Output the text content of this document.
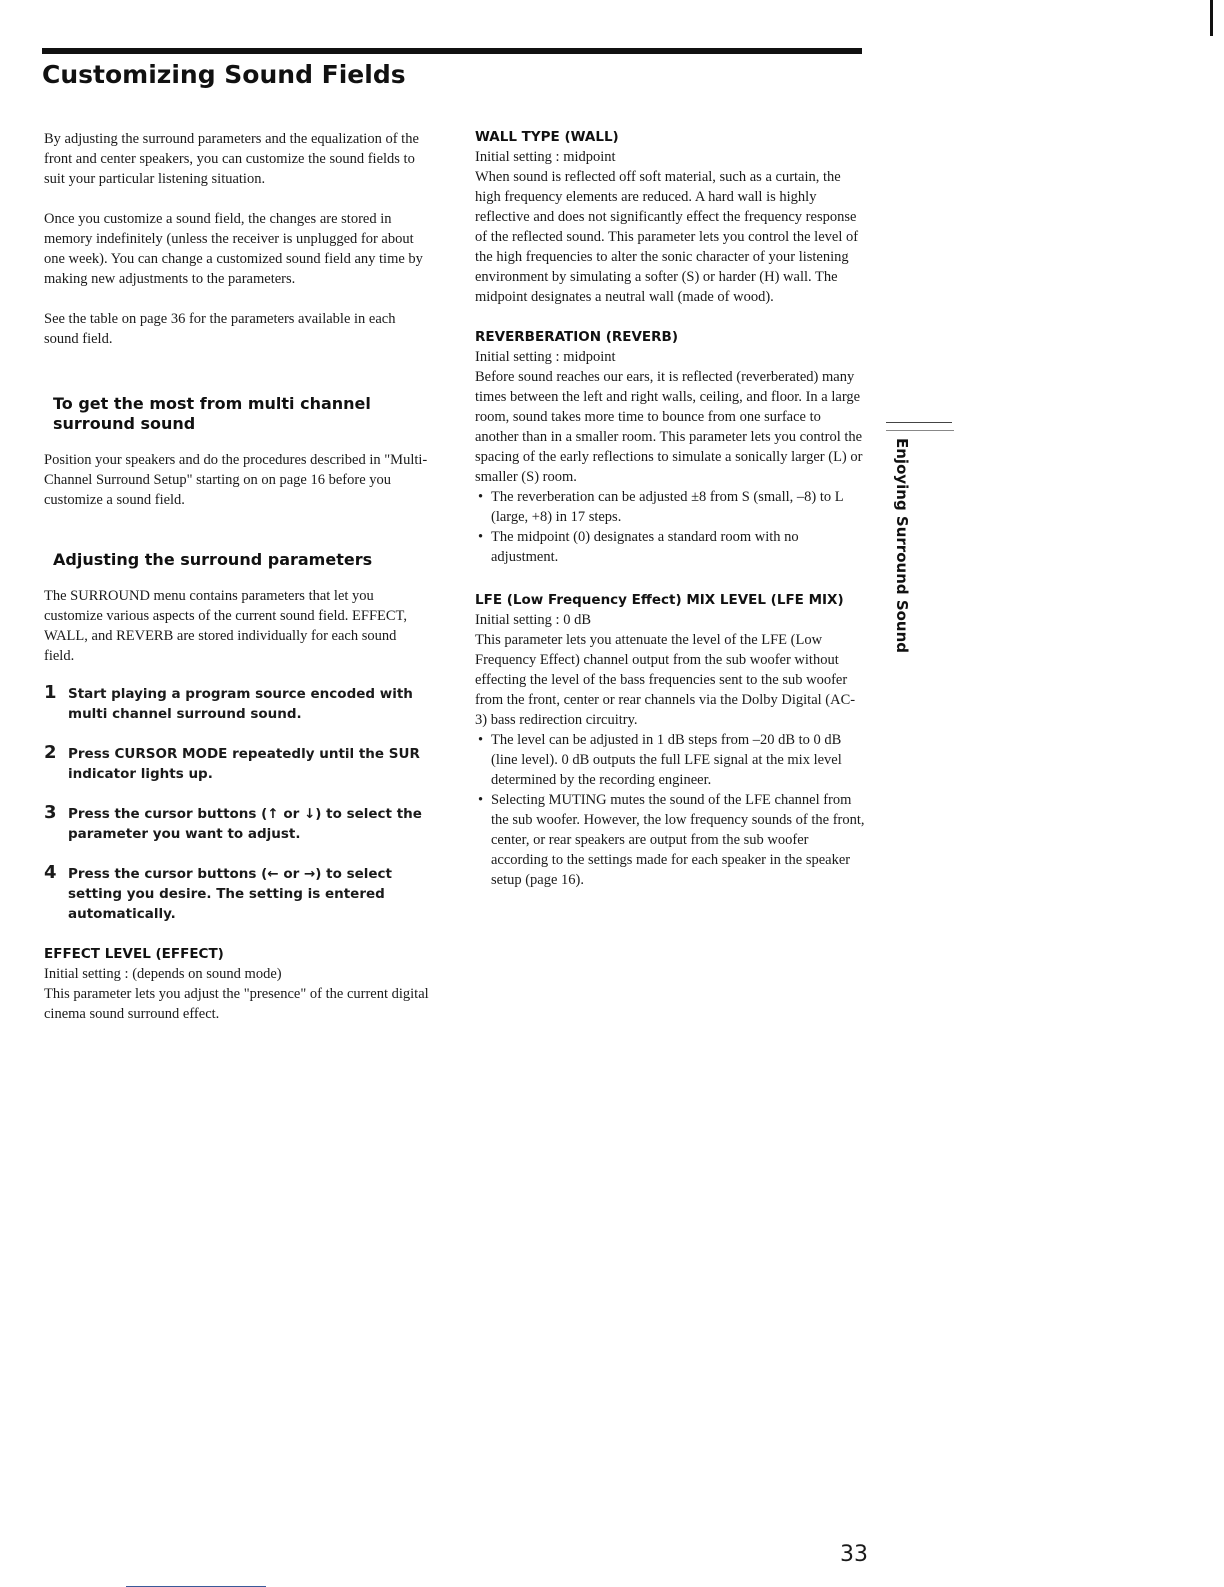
Customizing Sound Fields

By adjusting the surround parameters and the equalization of the front and center speakers, you can customize the sound fields to suit your particular listening situation.

Once you customize a sound field, the changes are stored in memory indefinitely (unless the receiver is unplugged for about one week). You can change a customized sound field any time by making new adjustments to the parameters.

See the table on page 36 for the parameters available in each sound field.

To get the most from multi channel surround sound

Position your speakers and do the procedures described in "Multi-Channel Surround Setup" starting on on page 16 before you customize a sound field.

Adjusting the surround parameters

The SURROUND menu contains parameters that let you customize various aspects of the current sound field. EFFECT, WALL, and REVERB are stored individually for each sound field.

1 Start playing a program source encoded with multi channel surround sound.
2 Press CURSOR MODE repeatedly until the SUR indicator lights up.
3 Press the cursor buttons (↑ or ↓) to select the parameter you want to adjust.
4 Press the cursor buttons (← or →) to select setting you desire. The setting is entered automatically.
EFFECT LEVEL (EFFECT)

Initial setting : (depends on sound mode)

This parameter lets you adjust the "presence" of the current digital cinema sound surround effect.

WALL TYPE (WALL)

Initial setting : midpoint

When sound is reflected off soft material, such as a curtain, the high frequency elements are reduced. A hard wall is highly reflective and does not significantly effect the frequency response of the reflected sound. This parameter lets you control the level of the high frequencies to alter the sonic character of your listening environment by simulating a softer (S) or harder (H) wall. The midpoint designates a neutral wall (made of wood).

REVERBERATION (REVERB)

Initial setting : midpoint

Before sound reaches our ears, it is reflected (reverberated) many times between the left and right walls, ceiling, and floor. In a large room, sound takes more time to bounce from one surface to another than in a smaller room. This parameter lets you control the spacing of the early reflections to simulate a sonically larger (L) or smaller (S) room.

• The reverberation can be adjusted ±8 from S (small, –8) to L (large, +8) in 17 steps.
• The midpoint (0) designates a standard room with no adjustment.
LFE (Low Frequency Effect) MIX LEVEL (LFE MIX)

Initial setting : 0 dB

This parameter lets you attenuate the level of the LFE (Low Frequency Effect) channel output from the sub woofer without effecting the level of the bass frequencies sent to the sub woofer from the front, center or rear channels via the Dolby Digital (AC-3) bass redirection circuitry.

• The level can be adjusted in 1 dB steps from –20 dB to 0 dB (line level). 0 dB outputs the full LFE signal at the mix level determined by the recording engineer.
• Selecting MUTING mutes the sound of the LFE channel from the sub woofer. However, the low frequency sounds of the front, center, or rear speakers are output from the sub woofer according to the settings made for each speaker in the speaker setup (page 16).
Enjoying Surround Sound
33
